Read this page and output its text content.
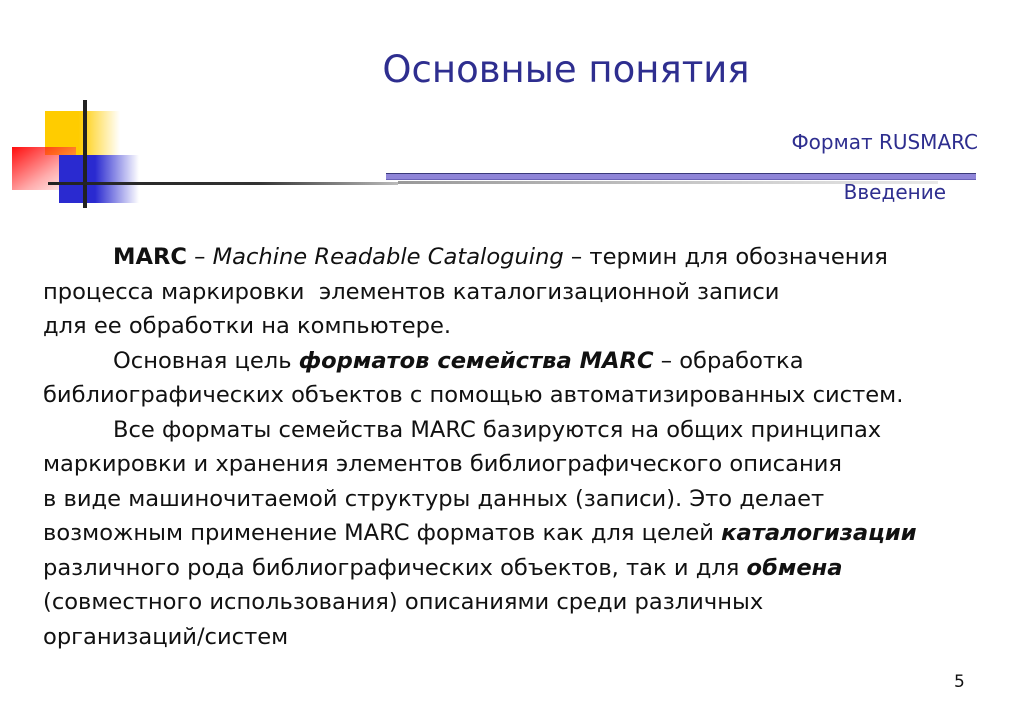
Основные понятия
Формат RUSMARC
Введение
MARC – Machine Readable Cataloguing – термин для обозначения
процесса маркировки  элементов каталогизационной записи
для ее обработки на компьютере.
Основная цель форматов семейства MARC – обработка
библиографических объектов с помощью автоматизированных систем.
Все форматы семейства MARC базируются на общих принципах
маркировки и хранения элементов библиографического описания
в виде машиночитаемой структуры данных (записи). Это делает
возможным применение MARC форматов как для целей каталогизации
различного рода библиографических объектов, так и для обмена
(совместного использования) описаниями среди различных
организаций/систем
5
